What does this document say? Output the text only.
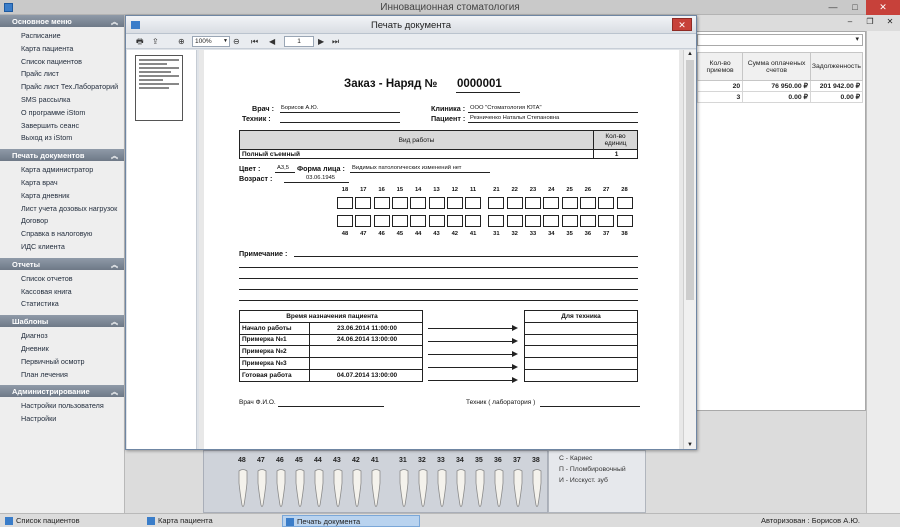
Инновационная стоматология	—	□	✕
Основное меню	︽
Расписание
Карта пациента
Список пациентов
Прайс лист
Прайс лист Тех.Лабораторий
SMS рассылка
О программе iStom
Завершить сеанс
Выход из iStom
Печать документов	︽
Карта администратор
Карта врач
Карта дневник
Лист учета дозовых нагрузок
Договор
Справка в налоговую
ИДС клиента
Отчеты	︽
Список отчетов
Кассовая книга
Статистика
Шаблоны	︽
Диагноз
Дневник
Первичный осмотр
План лечения
Администрирование	︽
Настройки пользователя
Настройки
–	❐	✕
▾
Кол-во приемов	Сумма оплаченых счетов	Задолженность
20	76 950.00 ₽	201 942.00 ₽
3	0.00 ₽	0.00 ₽
48 47 46 45 44 43 42 41	31 32 33 34 35 36 37 38	С - Кариес
П - Пломбировочный
И - Исскуст. зуб
Печать документа	✕
🖶 ⇪ ⊕	100% ▼ ⊖ ⏮ ◀	1	▶ ⏭
Заказ - Наряд № 0000001
Врач : Борисов А.Ю.
Техник :
Клиника : ООО "Стоматология ЮТА"
Пациент : Резниченко Наталья Степановна
Вид работы	Кол-во единиц
Полный съемный	1
Цвет :	A3,5 Форма лица : Видимых патологических изменений нет
Возраст :	03.06.1945
18	17	16	15	14	13	12	11	21	22	23	24	25	26	27	28
48	47	46	45	44	43	42	41	31	32	33	34	35	36	37	38
Примечание :
Время назначения пациента	
Начало работы	23.06.2014 11:00:00
Примерка №1	24.06.2014 13:00:00
Примерка №2	
Примерка №3	
Готовая работа	04.07.2014 13:00:00
Для техника

Врач Ф.И.О.	Техник ( лаборатория )
▲
▼
Список пациентов	Карта пациента	Печать документа	Авторизован : Борисов А.Ю.
